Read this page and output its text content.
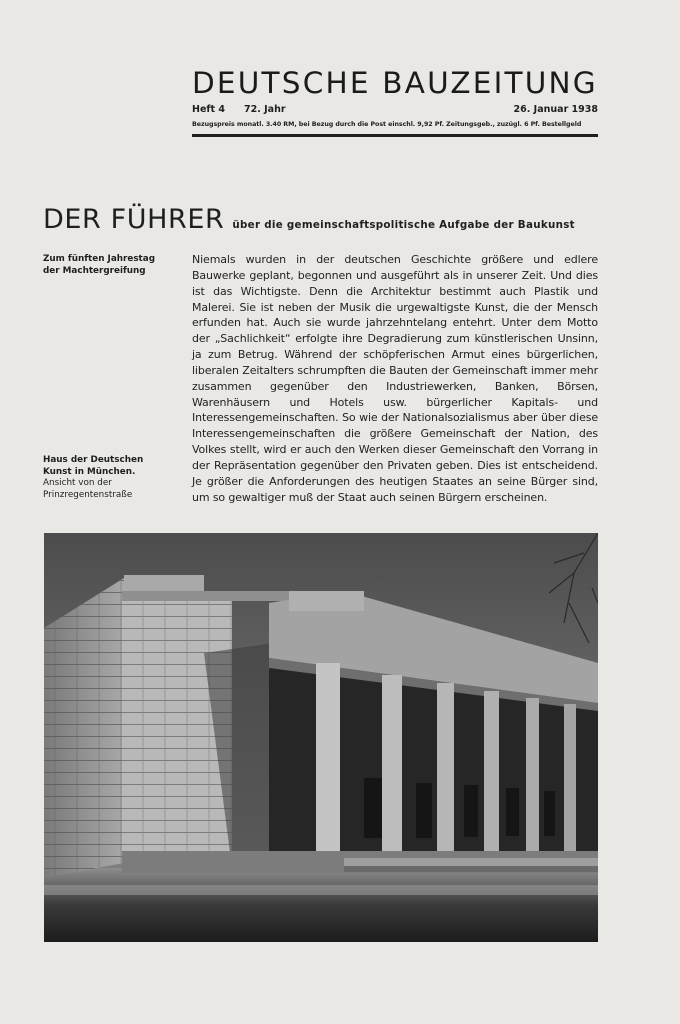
DEUTSCHE BAUZEITUNG
Heft 4 72. Jahr	26. Januar 1938
Bezugspreis monatl. 3.40 RM, bei Bezug durch die Post einschl. 9,92 Pf. Zeitungsgeb., zuzügl. 6 Pf. Bestellgeld
DER FÜHRER über die gemeinschaftspolitische Aufgabe der Baukunst
Zum fünften Jahrestag der Machtergreifung
Haus der Deutschen Kunst in München. Ansicht von der Prinzregentenstraße

Niemals wurden in der deutschen Geschichte größere und edlere Bauwerke geplant, begonnen und ausgeführt als in unserer Zeit. Und dies ist das Wichtigste. Denn die Architektur bestimmt auch Plastik und Malerei. Sie ist neben der Musik die urgewaltigste Kunst, die der Mensch erfunden hat. Auch sie wurde jahrzehntelang entehrt. Unter dem Motto der „Sachlichkeit“ erfolgte ihre Degradierung zum künstlerischen Unsinn, ja zum Betrug. Während der schöpferischen Armut eines bürgerlichen, liberalen Zeitalters schrumpften die Bauten der Gemeinschaft immer mehr zusammen gegenüber den Industriewerken, Banken, Börsen, Warenhäusern und Hotels usw. bürgerlicher Kapitals- und Interessengemeinschaften. So wie der Nationalsozialismus aber über diese Interessengemeinschaften die größere Gemeinschaft der Nation, des Volkes stellt, wird er auch den Werken dieser Gemeinschaft den Vorrang in der Repräsentation gegenüber den Privaten geben. Dies ist entscheidend. Je größer die Anforderungen des heutigen Staates an seine Bürger sind, um so gewaltiger muß der Staat auch seinen Bürgern erscheinen.
